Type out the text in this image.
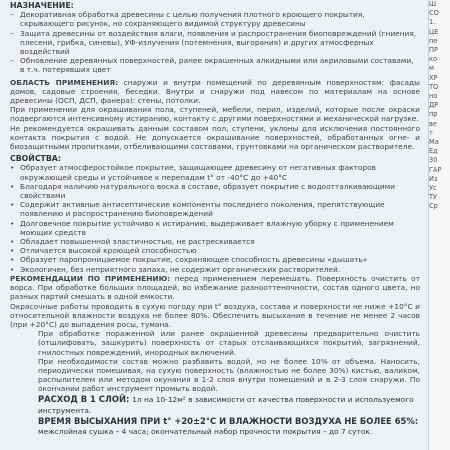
НАЗНАЧЕНИЕ:
– Декоративная обработка древесины с целью получения плотного кроющего покрытия, скрывающего рисунок, но сохраняющего видимой структуру древесины
– Защита древесины от воздействия влаги, появления и распространения биоповреждений (гниения, плесени, грибка, синевы), УФ-излучения (потемнения, выгорания) и других атмосферных воздействий
– Обновление деревянных поверхностей, ранее окрашенных алкидными или акриловыми составами, в т.ч. потерявших цвет
ОБЛАСТЬ ПРИМЕНЕНИЯ: снаружи и внутри помещений по деревянным поверхностям: фасады домов, садовые строения, беседки. Внутри и снаружи под навесом по материалам на основе древесины (ОСП, ДСП, фанера): стены, потолки.
При применении для окрашивания пола, ступеней, мебели, перил, изделий, которые после окраски подвергаются интенсивному истиранию, контакту с другими поверхностями и механической нагрузке.
Не рекомендуется окрашивать данным составом пол, ступени, уклоны для исключения постоянного контакта покрытия с водой. Не допускается окрашивание поверхностей, обработанных огне- и биозащитными пропитками, отбеливающими составами, грунтовками на органическом растворителе.
СВОЙСТВА:
• Образует атмосферостойкое покрытие, защищающее древесину от негативных факторов окружающей среды и устойчивое к перепадам t° от -40°C до +40°C
• Благодаря наличию натурального воска в составе, образует покрытие с водоотталкивающими свойствами
• Содержит активные антисептические компоненты последнего поколения, препятствующие появлению и распространению биоповреждений
• Долговечное покрытие устойчиво к истиранию, выдерживает влажную уборку с применением моющих средств
• Обладает повышенной эластичностью, не растрескивается
• Отличается высокой кроющей способностью
• Образует паропроницаемое покрытие, сохраняющее способность древесины «дышать»
• Экологичен, без неприятного запаха, не содержит органических растворителей.
РЕКОМЕНДАЦИИ ПО ПРИМЕНЕНИЮ: перед применением перемешать. Поверхность очистить от ворса. При обработке больших площадей, во избежание разнооттеночности, состав одного цвета, но разных партий смешать в одной емкости.
Окрасочные работы проводить в сухую погоду при t° воздуха, состава и поверхности не ниже +10°C и относительной влажности воздуха не более 80%. Обеспечить высыхание в течение не менее 2 часов (при +20°C) до выпадения росы, тумана.
При обработке пораженной или ранее окрашенной древесины предварительно очистить (отшлифовать, зашкурить) поверхность от старых отслаивающихся покрытий, загрязнений, гнилостных повреждений, инородных включений.
При необходимости состав можно разбавить водой, но не более 10% от объема. Наносить, периодически помешивая, на сухую поверхность (влажностью не более 30%) кистью, валиком, распылителем или методом окунания в 1-2 слоя внутри помещений и в 2-3 слоя снаружи. По окончании работ инструмент промыть водой.
РАСХОД В 1 СЛОЙ: 1л на 10-12м² в зависимости от качества поверхности и используемого инструмента.
ВРЕМЯ ВЫСЫХАНИЯ ПРИ t° +20±2°C И ВЛАЖНОСТИ ВОЗДУХА НЕ БОЛЕЕ 65%: межслойная сушка – 4 часа; окончательный набор прочности покрытия – до 7 суток.
Ш
СО
1.
ЦЕ
пе
ПР
ко
м
ХР
ТО
но
ДР
пр
ве
т
Ма
Ед
30
ГАР
Из
Ус
ТУ
Ср
